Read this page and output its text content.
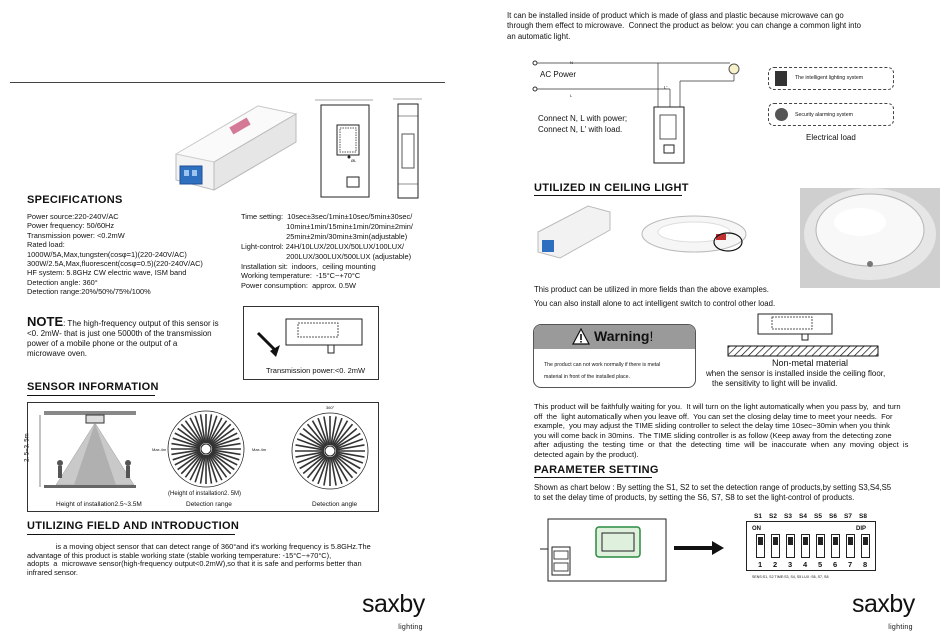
ØL
SPECIFICATIONS
Power source:220-240V/AC
Power frequency: 50/60Hz
Transmission power: <0.2mW
Rated load:
1000W/5A,Max,tungsten(cosφ=1)(220-240V/AC)
300W/2.5A,Max,fluorescent(cosφ=0.5)(220-240V/AC)
HF system: 5.8GHz CW electric wave, ISM band
Detection angle: 360°
Detection range:20%/50%/75%/100%
Time setting:  10sec±3sec/1min±10sec/5min±30sec/
10min±1min/15min±1min/20min±2min/
25min±2min/30min±3min(adjustable)
Light-control: 24H/10LUX/20LUX/50LUX/100LUX/
200LUX/300LUX/500LUX (adjustable)
Installation sit:  indoors,  ceiling mounting
Working temperature:  -15°C~+70°C
Power consumption:  approx. 0.5W
NOTE: The high-frequency output of this sensor is
<0. 2mW- that is just one 5000th of the transmission
power of a mobile phone or the output of a
microwave oven.
Transmission power:<0. 2mW
SENSOR INFORMATION
2. 5~3. 5m
Height of installation2.5~3.5M
Max.4m	Max.4m
(Height of installation2. 5M)
Detection range
360°
Detection angle
UTILIZING FIELD AND INTRODUCTION
is a moving object sensor that can detect range of 360°and it's working frequency is 5.8GHz.The
advantage of this product is stable working state (stable working temperature: -15°C~+70°C),
adopts  a  microwave sensor(high-frequency output<0.2mW),so that it is safe and performs better than
infrared sensor.
saxby
lighting
It can be installed inside of product which is made of glass and plastic because microwave can go
through them effect to microwave.  Connect the product as below: you can change a common light into
an automatic light.
N
AC Power
L
L'
Connect N, L with power;
Connect N, L' with load.
The intelligent lighting system
Security alarming system
Electrical load
UTILIZED IN CEILING LIGHT
This product can be utilized in more fields than the above examples.
You can also install alone to act intelligent switch to control other load.
Warning!
The product can not work normally if there is metal
material in front of the installed place.
Non-metal material
when the sensor is installed inside the ceiling floor,
the sensitivity to light will be invalid.
This product will be faithfully waiting for you.  It will turn on the light automatically when you pass by,  and turn
off  the  light automatically when you leave off.  You can set the closing delay time to meet your needs.  For
example,  you may adjust the TIME sliding controller to select the delay time 10sec~30min when you think
you will come back in 30mins.  The TIME sliding controller is as follow (Keep away from the detecting zone
after  adjusting  the  testing  time  or  that  the  detecting  time  will  be  inaccurate  when  any  moving  object  is
detected again by the product).
PARAMETER SETTING
Shown as chart below : By setting the S1, S2 to set the detection range of products,by setting S3,S4,S5
to set the delay time of products, by setting the S6, S7, S8 to set the light-control of products.
S1 S2 S3 S4 S5 S6 S7 S8
ON	DIP
1 2 3 4 5 6 7 8
SENS:S1, S2 TIME:S3, S4, S5 LUX :S6, S7, S8
saxby
lighting
